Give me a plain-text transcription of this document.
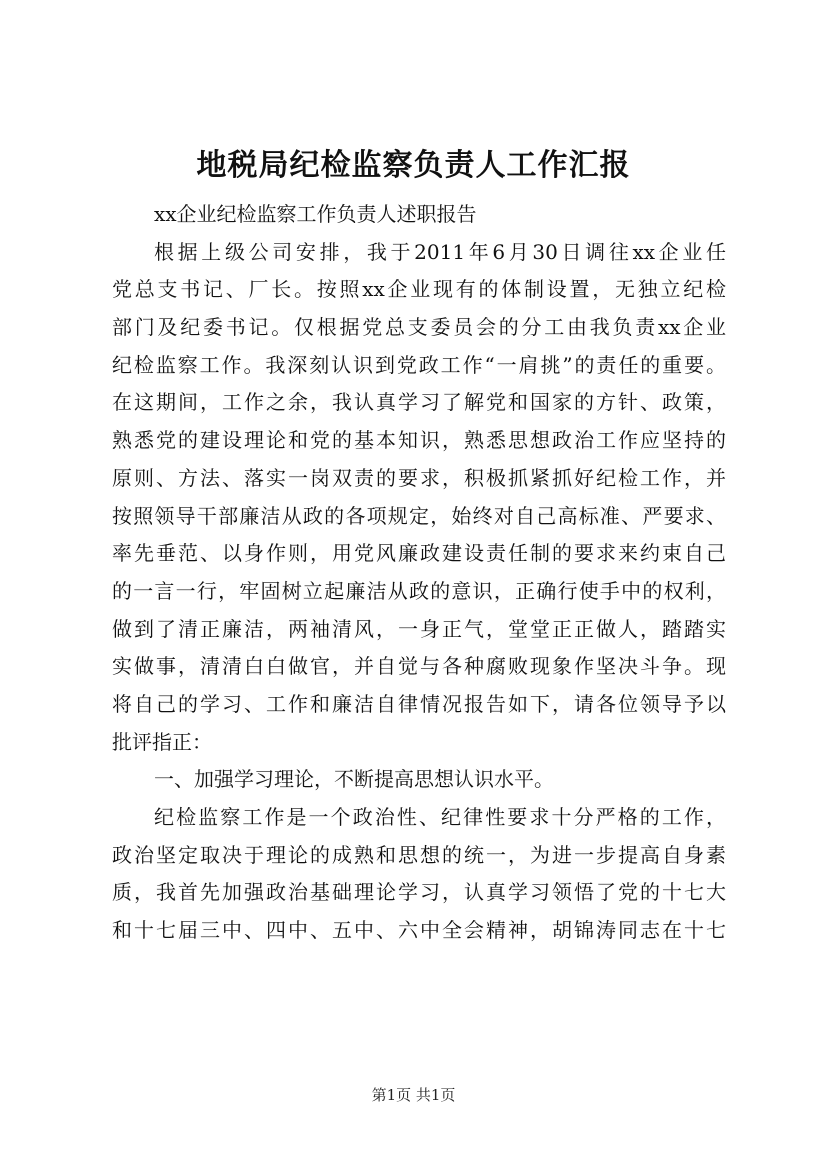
地税局纪检监察负责人工作汇报
xx企业纪检监察工作负责人述职报告
根据上级公司安排，我于2011年6月30日调往xx企业任
党总支书记、厂长。按照xx企业现有的体制设置，无独立纪检
部门及纪委书记。仅根据党总支委员会的分工由我负责xx企业
纪检监察工作。我深刻认识到党政工作“一肩挑”的责任的重要。
在这期间，工作之余，我认真学习了解党和国家的方针、政策，
熟悉党的建设理论和党的基本知识，熟悉思想政治工作应坚持的
原则、方法、落实一岗双责的要求，积极抓紧抓好纪检工作，并
按照领导干部廉洁从政的各项规定，始终对自己高标准、严要求、
率先垂范、以身作则，用党风廉政建设责任制的要求来约束自己
的一言一行，牢固树立起廉洁从政的意识，正确行使手中的权利，
做到了清正廉洁，两袖清风，一身正气，堂堂正正做人，踏踏实
实做事，清清白白做官，并自觉与各种腐败现象作坚决斗争。现
将自己的学习、工作和廉洁自律情况报告如下，请各位领导予以
批评指正：
一、加强学习理论，不断提高思想认识水平。
纪检监察工作是一个政治性、纪律性要求十分严格的工作，
政治坚定取决于理论的成熟和思想的统一，为进一步提高自身素
质，我首先加强政治基础理论学习，认真学习领悟了党的十七大
和十七届三中、四中、五中、六中全会精神，胡锦涛同志在十七
第1页 共1页
